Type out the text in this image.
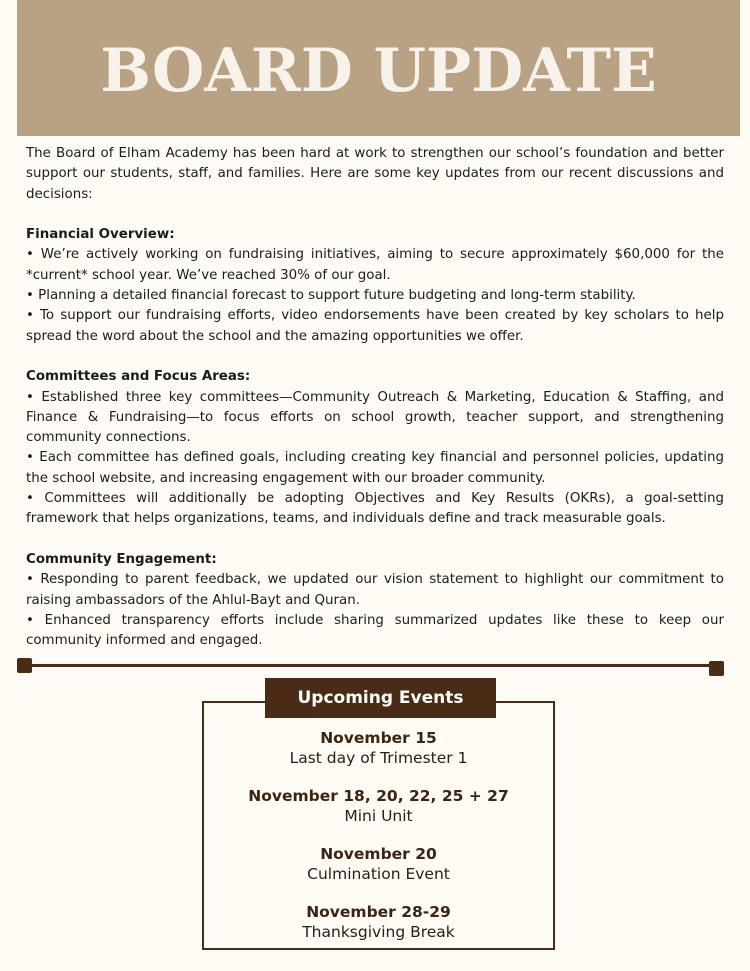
BOARD UPDATE

The Board of Elham Academy has been hard at work to strengthen our school’s foundation and better support our students, staff, and families. Here are some key updates from our recent discussions and decisions:

Financial Overview:

• We’re actively working on fundraising initiatives, aiming to secure approximately $60,000 for the *current* school year. We’ve reached 30% of our goal.

• Planning a detailed financial forecast to support future budgeting and long-term stability.

• To support our fundraising efforts, video endorsements have been created by key scholars to help spread the word about the school and the amazing opportunities we offer.

Committees and Focus Areas:

• Established three key committees—Community Outreach & Marketing, Education & Staffing, and Finance & Fundraising—to focus efforts on school growth, teacher support, and strengthening community connections.

• Each committee has defined goals, including creating key financial and personnel policies, updating the school website, and increasing engagement with our broader community.

• Committees will additionally be adopting Objectives and Key Results (OKRs), a goal-setting framework that helps organizations, teams, and individuals define and track measurable goals.

Community Engagement:

• Responding to parent feedback, we updated our vision statement to highlight our commitment to raising ambassadors of the Ahlul-Bayt and Quran.

• Enhanced transparency efforts include sharing summarized updates like these to keep our community informed and engaged.

Upcoming Events
November 15
Last day of Trimester 1
November 18, 20, 22, 25 + 27
Mini Unit
November 20
Culmination Event
November 28-29
Thanksgiving Break
